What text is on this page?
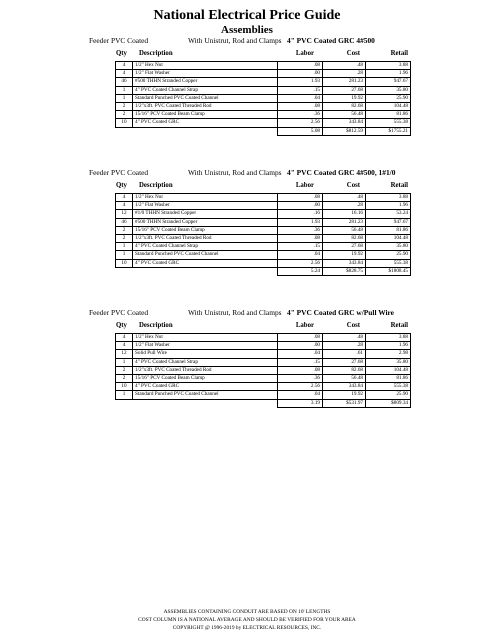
National Electrical Price Guide
Assemblies
Feeder PVC Coated	With Unistrut, Rod and Clamps 4" PVC Coated GRC 4#500
Qty Description	Labor	Cost	Retail
4	1/2" Hex Nut	.08	.48	3.88
4	1/2" Flat Washer	.00	.28	1.96
46	#500 THHN Stranded Copper	1.93	281.23	947.67
1	4" PVC Coated Channel Strap	.15	27.68	35.80
1	Standard Punched PVC Coated Channel	.04	19.92	25.90
2	1/2"x3ft. PVC Coated Threaded Rod	.08	82.68	104.48
2	15/16" PCV Coated Beam Clamp	.36	56.48	81.86
10	4" PVC Coated GRC	2.56	343.84	555.38
		5.08	$812.59	$1755.21
Feeder PVC Coated	With Unistrut, Rod and Clamps 4" PVC Coated GRC 4#500, 1#1/0
Qty Description	Labor	Cost	Retail
4	1/2" Hex Nut	.08	.48	3.88
4	1/2" Flat Washer	.00	.28	1.96
12	#1/0 THHN Stranded Copper	.16	16.16	53.24
46	#500 THHN Stranded Copper	1.93	281.23	947.67
2	15/16" PCV Coated Beam Clamp	.36	56.48	81.86
2	1/2"x3ft. PVC Coated Threaded Rod	.08	82.68	104.48
1	4" PVC Coated Channel Strap	.15	27.68	35.80
1	Standard Punched PVC Coated Channel	.04	19.92	25.90
10	4" PVC Coated GRC	2.56	343.84	555.38
		5.24	$828.75	$1808.45
Feeder PVC Coated	With Unistrut, Rod and Clamps 4" PVC Coated GRC w/Pull Wire
Qty Description	Labor	Cost	Retail
4	1/2" Hex Nut	.08	.48	3.88
4	1/2" Flat Washer	.00	.28	1.96
12	Solid Pull Wire	.04	.61	2.98
1	4" PVC Coated Channel Strap	.15	27.68	35.80
2	1/2"x3ft. PVC Coated Threaded Rod	.08	82.68	104.48
2	15/16" PCV Coated Beam Clamp	.36	56.48	81.86
10	4" PVC Coated GRC	2.56	343.84	555.38
1	Standard Punched PVC Coated Channel	.04	19.92	25.90
		3.19	$531.97	$809.34
ASSEMBLIES CONTAINING CONDUIT ARE BASED ON 10' LENGTHS
COST COLUMN IS A NATIONAL AVERAGE AND SHOULD BE VERIFIED FOR YOUR AREA
COPYRIGHT @ 1996-2019 by ELECTRICAL RESOURCES, INC.
